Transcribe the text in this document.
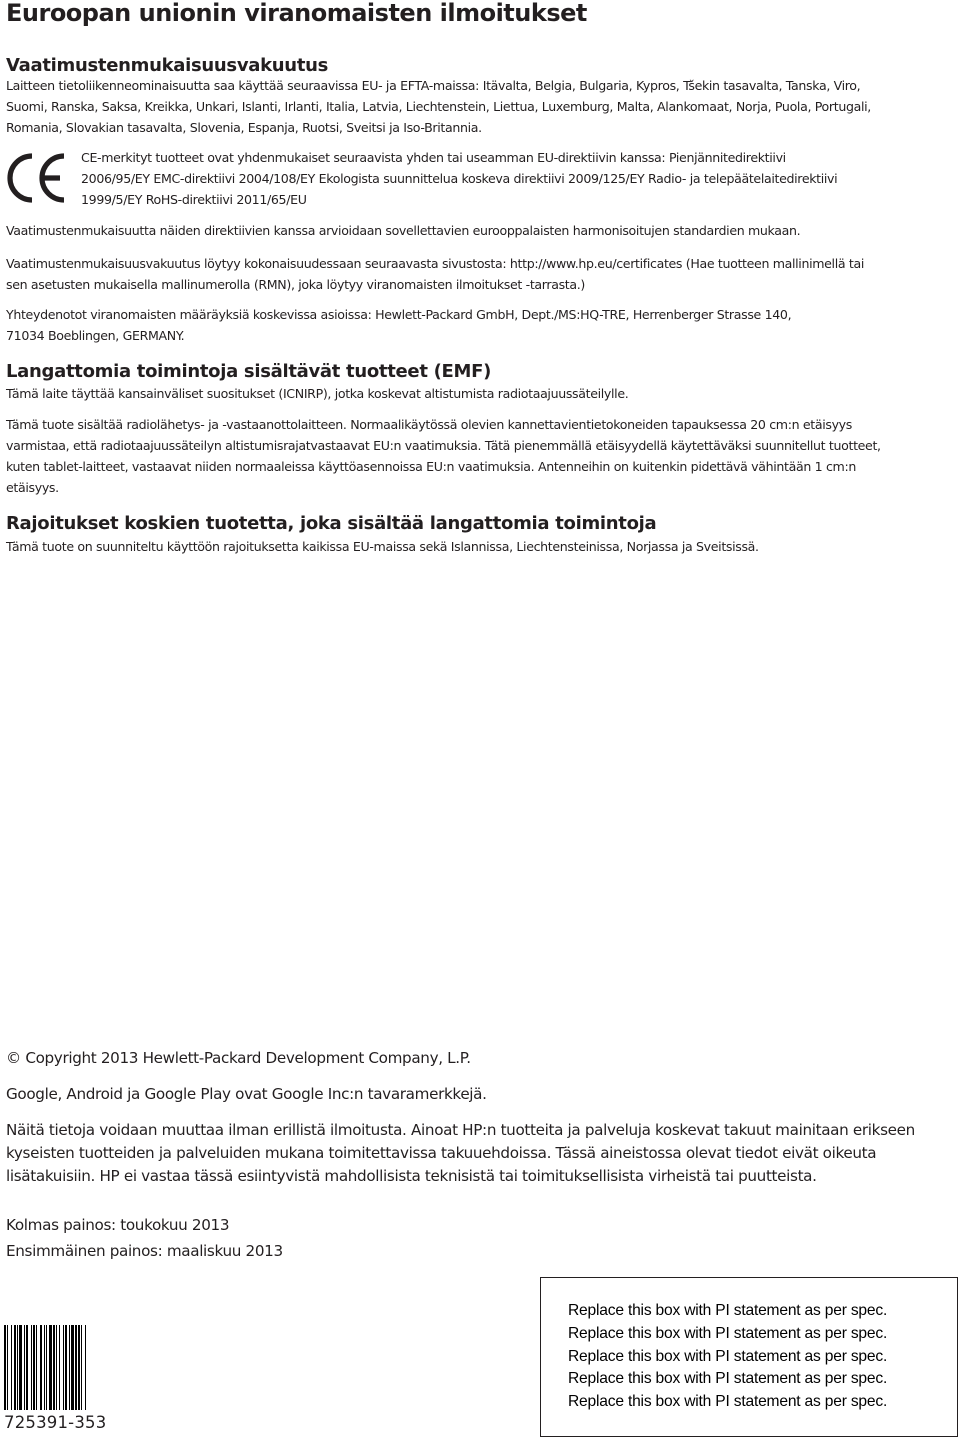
Euroopan unionin viranomaisten ilmoitukset
Vaatimustenmukaisuusvakuutus
Laitteen tietoliikenneominaisuutta saa käyttää seuraavissa EU- ja EFTA-maissa: Itävalta, Belgia, Bulgaria, Kypros, Tšekin tasavalta, Tanska, Viro,
Suomi, Ranska, Saksa, Kreikka, Unkari, Islanti, Irlanti, Italia, Latvia, Liechtenstein, Liettua, Luxemburg, Malta, Alankomaat, Norja, Puola, Portugali,
Romania, Slovakian tasavalta, Slovenia, Espanja, Ruotsi, Sveitsi ja Iso-Britannia.
CE-merkityt tuotteet ovat yhdenmukaiset seuraavista yhden tai useamman EU-direktiivin kanssa: Pienjännitedirektiivi
2006/95/EY EMC-direktiivi 2004/108/EY Ekologista suunnittelua koskeva direktiivi 2009/125/EY Radio- ja telepäätelaitedirektiivi
1999/5/EY RoHS-direktiivi 2011/65/EU
Vaatimustenmukaisuutta näiden direktiivien kanssa arvioidaan sovellettavien eurooppalaisten harmonisoitujen standardien mukaan.
Vaatimustenmukaisuusvakuutus löytyy kokonaisuudessaan seuraavasta sivustosta: http://www.hp.eu/certificates (Hae tuotteen mallinimellä tai
sen asetusten mukaisella mallinumerolla (RMN), joka löytyy viranomaisten ilmoitukset -tarrasta.)
Yhteydenotot viranomaisten määräyksiä koskevissa asioissa: Hewlett-Packard GmbH, Dept./MS:HQ-TRE, Herrenberger Strasse 140,
71034 Boeblingen, GERMANY.
Langattomia toimintoja sisältävät tuotteet (EMF)
Tämä laite täyttää kansainväliset suositukset (ICNIRP), jotka koskevat altistumista radiotaajuussäteilylle.
Tämä tuote sisältää radiolähetys- ja -vastaanottolaitteen. Normaalikäytössä olevien kannettavientietokoneiden tapauksessa 20 cm:n etäisyys
varmistaa, että radiotaajuussäteilyn altistumisrajatvastaavat EU:n vaatimuksia. Tätä pienemmällä etäisyydellä käytettäväksi suunnitellut tuotteet,
kuten tablet-laitteet, vastaavat niiden normaaleissa käyttöasennoissa EU:n vaatimuksia. Antenneihin on kuitenkin pidettävä vähintään 1 cm:n
etäisyys.
Rajoitukset koskien tuotetta, joka sisältää langattomia toimintoja
Tämä tuote on suunniteltu käyttöön rajoituksetta kaikissa EU-maissa sekä Islannissa, Liechtensteinissa, Norjassa ja Sveitsissä.
© Copyright 2013 Hewlett-Packard Development Company, L.P.
Google, Android ja Google Play ovat Google Inc:n tavaramerkkejä.
Näitä tietoja voidaan muuttaa ilman erillistä ilmoitusta. Ainoat HP:n tuotteita ja palveluja koskevat takuut mainitaan erikseen
kyseisten tuotteiden ja palveluiden mukana toimitettavissa takuuehdoissa. Tässä aineistossa olevat tiedot eivät oikeuta
lisätakuisiin. HP ei vastaa tässä esiintyvistä mahdollisista teknisistä tai toimituksellisista virheistä tai puutteista.
Kolmas painos: toukokuu 2013
Ensimmäinen painos: maaliskuu 2013
725391-353
Replace this box with PI statement as per spec.
Replace this box with PI statement as per spec.
Replace this box with PI statement as per spec.
Replace this box with PI statement as per spec.
Replace this box with PI statement as per spec.
